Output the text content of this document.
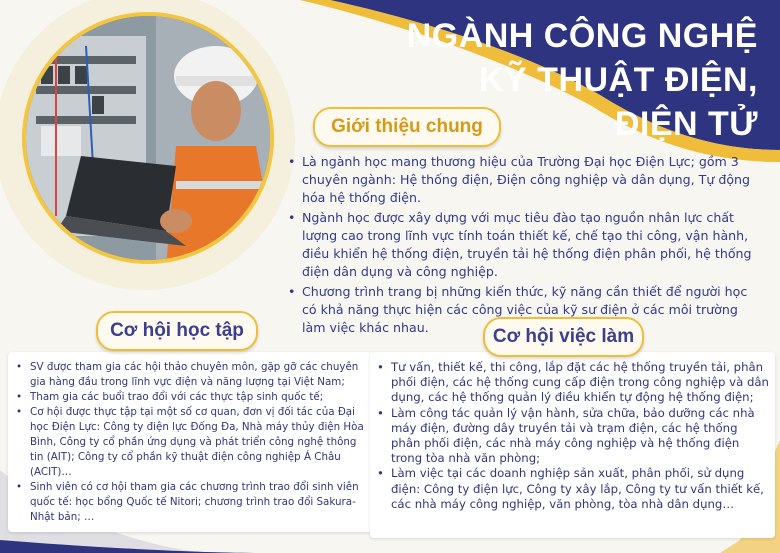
NGÀNH CÔNG NGHỆ
KỸ THUẬT ĐIỆN,
ĐIỆN TỬ
Giới thiệu chung
• Là ngành học mang thương hiệu của Trường Đại học Điện Lực; gồm 3 chuyên ngành: Hệ thống điện, Điện công nghiệp và dân dụng, Tự động hóa hệ thống điện.
• Ngành học được xây dựng với mục tiêu đào tạo nguồn nhân lực chất lượng cao trong lĩnh vực tính toán thiết kế, chế tạo thi công, vận hành, điều khiển hệ thống điện, truyền tải hệ thống điện phân phối, hệ thống điện dân dụng và công nghiệp.
• Chương trình trang bị những kiến thức, kỹ năng cần thiết để người học có khả năng thực hiện các công việc của kỹ sư điện ở các môi trường làm việc khác nhau.
Cơ hội học tập
• SV được tham gia các hội thảo chuyên môn, gặp gỡ các chuyên gia hàng đầu trong lĩnh vực điện và năng lượng tại Việt Nam;
• Tham gia các buổi trao đổi với các thực tập sinh quốc tế;
• Cơ hội được thực tập tại một số cơ quan, đơn vị đối tác của Đại học Điện Lực: Công ty điện lực Đống Đa, Nhà máy thủy điện Hòa Bình, Công ty cổ phần ứng dụng và phát triển công nghệ thông tin (AIT); Công ty cổ phần kỹ thuật điện công nghiệp Á Châu (ACIT)…
• Sinh viên có cơ hội tham gia các chương trình trao đổi sinh viên quốc tế: học bổng Quốc tế Nitori; chương trình trao đổi Sakura- Nhật bản; …
Cơ hội việc làm
• Tư vấn, thiết kế, thi công, lắp đặt các hệ thống truyền tải, phân phối điện, các hệ thống cung cấp điện trong công nghiệp và dân dụng, các hệ thống quản lý điều khiển tự động hệ thống điện;
• Làm công tác quản lý vận hành, sửa chữa, bảo dưỡng các nhà máy điện, đường dây truyền tải và trạm điện, các hệ thống phân phối điện, các nhà máy công nghiệp và hệ thống điện trong tòa nhà văn phòng;
• Làm việc tại các doanh nghiệp sản xuất, phân phối, sử dụng điện: Công ty điện lực, Công ty xây lắp, Công ty tư vấn thiết kế, các nhà máy công nghiệp, văn phòng, tòa nhà dân dụng…
